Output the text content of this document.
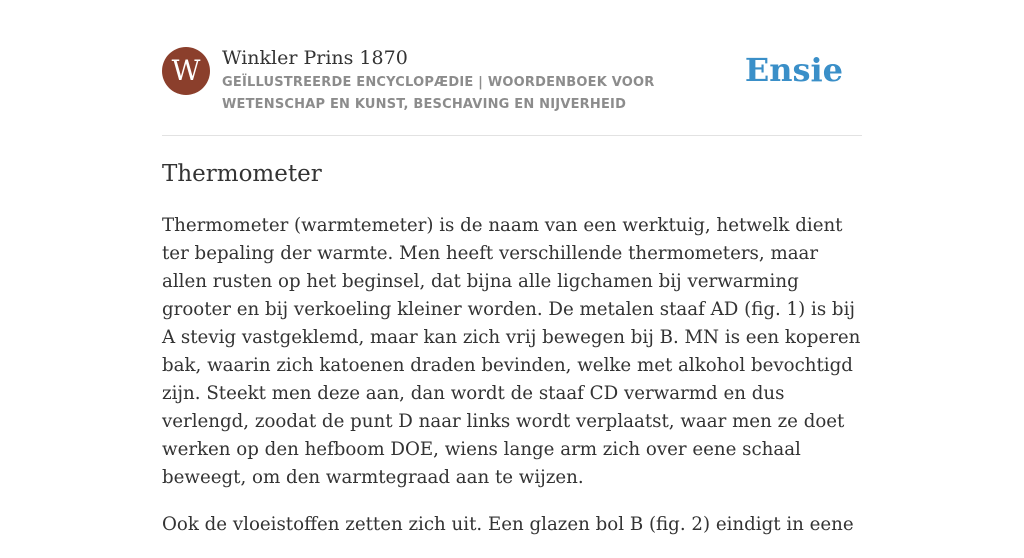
W	Winkler Prins 1870
GEÏLLUSTREERDE ENCYCLOPÆDIE | WOORDENBOEK VOOR WETENSCHAP EN KUNST, BESCHAVING EN NIJVERHEID
Ensie
Thermometer

Thermometer (warmtemeter) is de naam van een werktuig, hetwelk dient ter bepaling der warmte. Men heeft verschillende thermometers, maar allen rusten op het beginsel, dat bijna alle ligchamen bij verwarming grooter en bij verkoeling kleiner worden. De metalen staaf AD (fig. 1) is bij A stevig vastgeklemd, maar kan zich vrij bewegen bij B. MN is een koperen bak, waarin zich katoenen draden bevinden, welke met alkohol bevochtigd zijn. Steekt men deze aan, dan wordt de staaf CD verwarmd en dus verlengd, zoodat de punt D naar links wordt verplaatst, waar men ze doet werken op den hefboom DOE, wiens lange arm zich over eene schaal beweegt, om den warmtegraad aan te wijzen.

Ook de vloeistoffen zetten zich uit. Een glazen bol B (fig. 2) eindigt in eene
